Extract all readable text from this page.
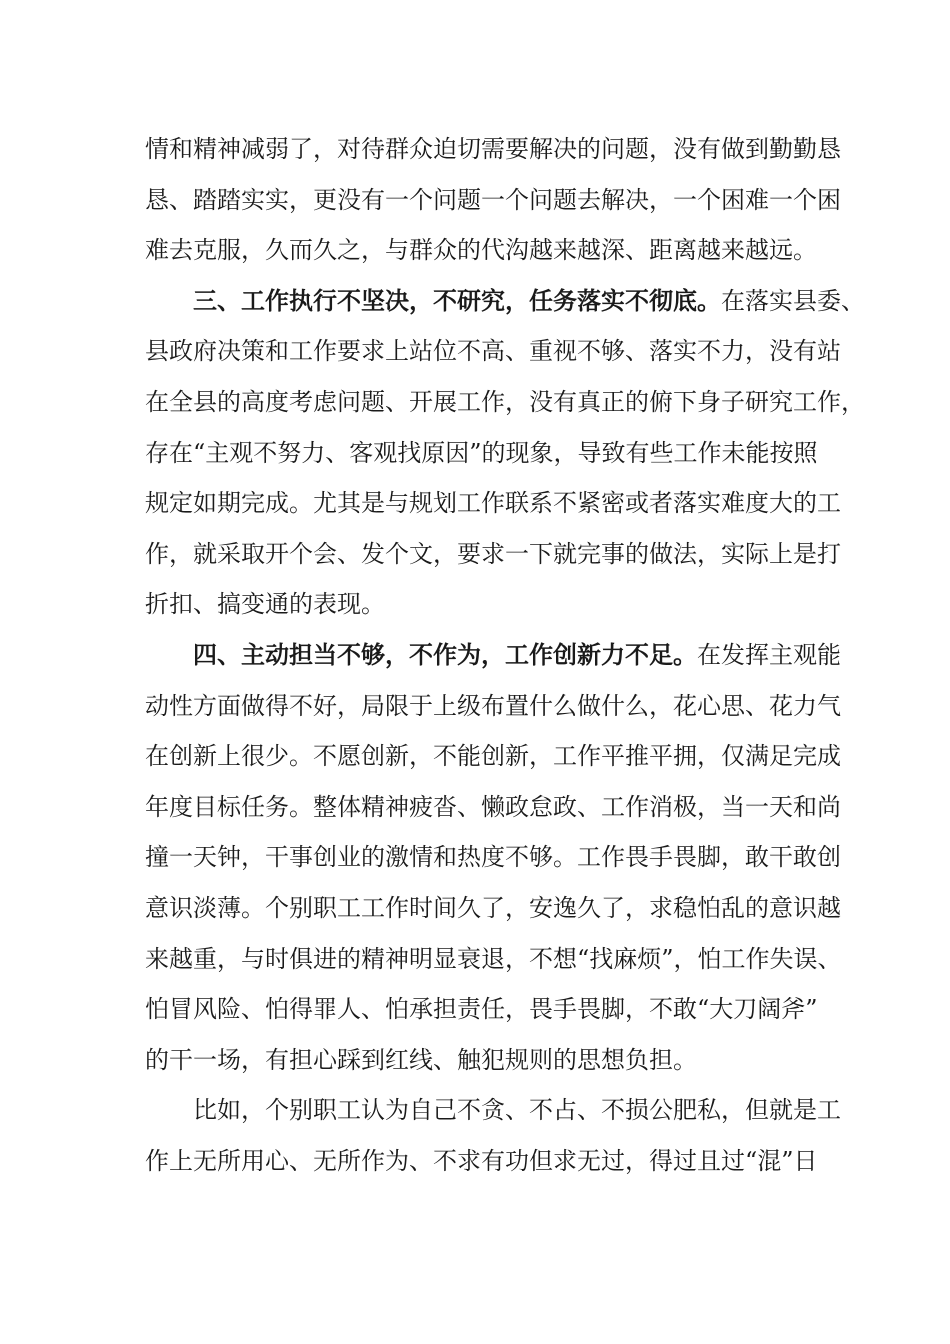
情和精神减弱了，对待群众迫切需要解决的问题，没有做到勤勤恳
恳、踏踏实实，更没有一个问题一个问题去解决，一个困难一个困
难去克服，久而久之，与群众的代沟越来越深、距离越来越远。
三、工作执行不坚决，不研究，任务落实不彻底。在落实县委、
县政府决策和工作要求上站位不高、重视不够、落实不力，没有站
在全县的高度考虑问题、开展工作，没有真正的俯下身子研究工作，
存在“主观不努力、客观找原因”的现象，导致有些工作未能按照
规定如期完成。尤其是与规划工作联系不紧密或者落实难度大的工
作，就采取开个会、发个文，要求一下就完事的做法，实际上是打
折扣、搞变通的表现。
四、主动担当不够，不作为，工作创新力不足。在发挥主观能
动性方面做得不好，局限于上级布置什么做什么，花心思、花力气
在创新上很少。不愿创新，不能创新，工作平推平拥，仅满足完成
年度目标任务。整体精神疲沓、懒政怠政、工作消极，当一天和尚
撞一天钟，干事创业的激情和热度不够。工作畏手畏脚，敢干敢创
意识淡薄。个别职工工作时间久了，安逸久了，求稳怕乱的意识越
来越重，与时俱进的精神明显衰退，不想“找麻烦”，怕工作失误、
怕冒风险、怕得罪人、怕承担责任，畏手畏脚，不敢“大刀阔斧”
的干一场，有担心踩到红线、触犯规则的思想负担。
比如，个别职工认为自己不贪、不占、不损公肥私，但就是工
作上无所用心、无所作为、不求有功但求无过，得过且过“混”日
